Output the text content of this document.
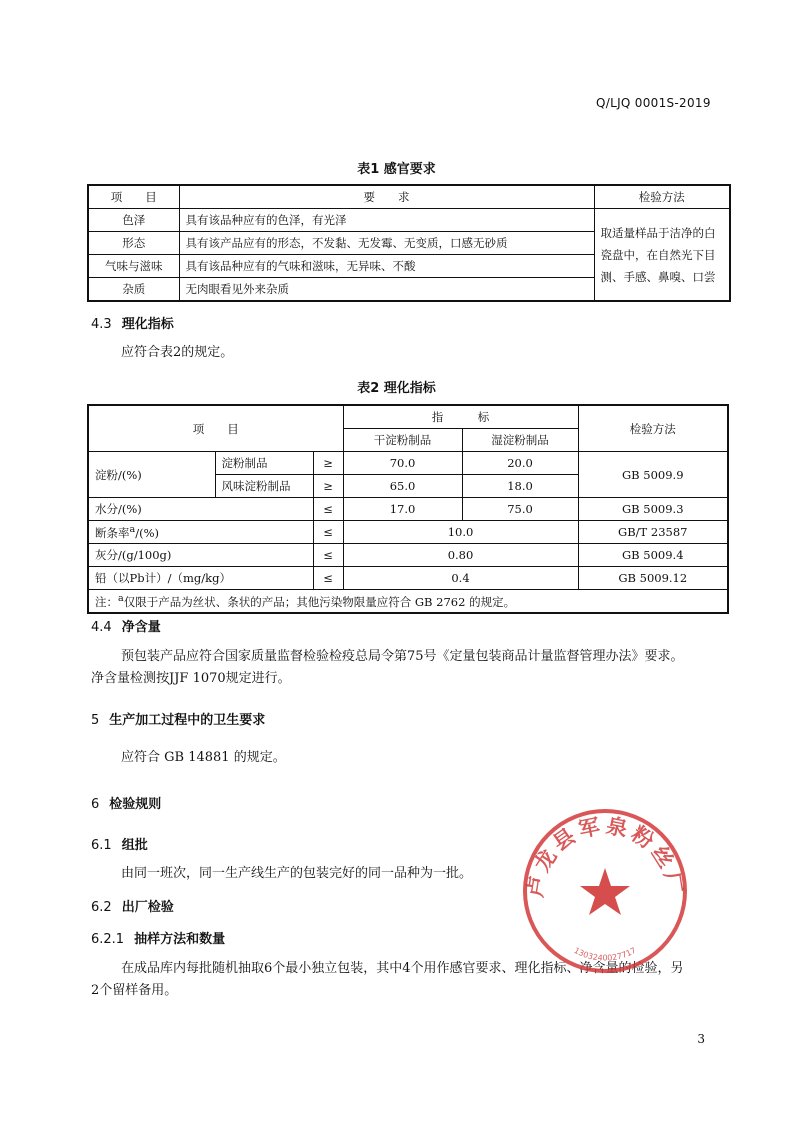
Q/LJQ 0001S-2019
表1 感官要求
项　　目	要　　求	检验方法
色泽	具有该品种应有的色泽，有光泽	取适量样品于洁净的白瓷盘中，在自然光下目测、手感、鼻嗅、口尝
形态	具有该产品应有的形态，不发黏、无发霉、无变质，口感无砂质	
气味与滋味	具有该品种应有的气味和滋味，无异味、不酸	
杂质	无肉眼看见外来杂质	
4.3 理化指标
应符合表2的规定。
表2 理化指标
项　　目			指　　　标		检验方法
			干淀粉制品	湿淀粉制品	
淀粉/(%)	淀粉制品	≥	70.0	20.0	GB 5009.9
	风味淀粉制品	≥	65.0	18.0	
水分/(%)		≤	17.0	75.0	GB 5009.3
断条率$^a$/(%)		≤	10.0		GB/T 23587
灰分/(g/100g)		≤	0.80		GB 5009.4
铅（以Pb计）/（mg/kg）		≤	0.4		GB 5009.12
注：$^a$仅限于产品为丝状、条状的产品；其他污染物限量应符合 GB 2762 的规定。					
4.4 净含量
预包装产品应符合国家质量监督检验检疫总局令第75号《定量包装商品计量监督管理办法》要求。
净含量检测按JJF 1070规定进行。
5 生产加工过程中的卫生要求
应符合 GB 14881 的规定。
6 检验规则
6.1 组批
由同一班次，同一生产线生产的包装完好的同一品种为一批。
6.2 出厂检验
6.2.1 抽样方法和数量
在成品库内每批随机抽取6个最小独立包装，其中4个用作感官要求、理化指标、净含量的检验，另
2个留样备用。
卢龙县军泉粉丝厂
1303240027717
3
